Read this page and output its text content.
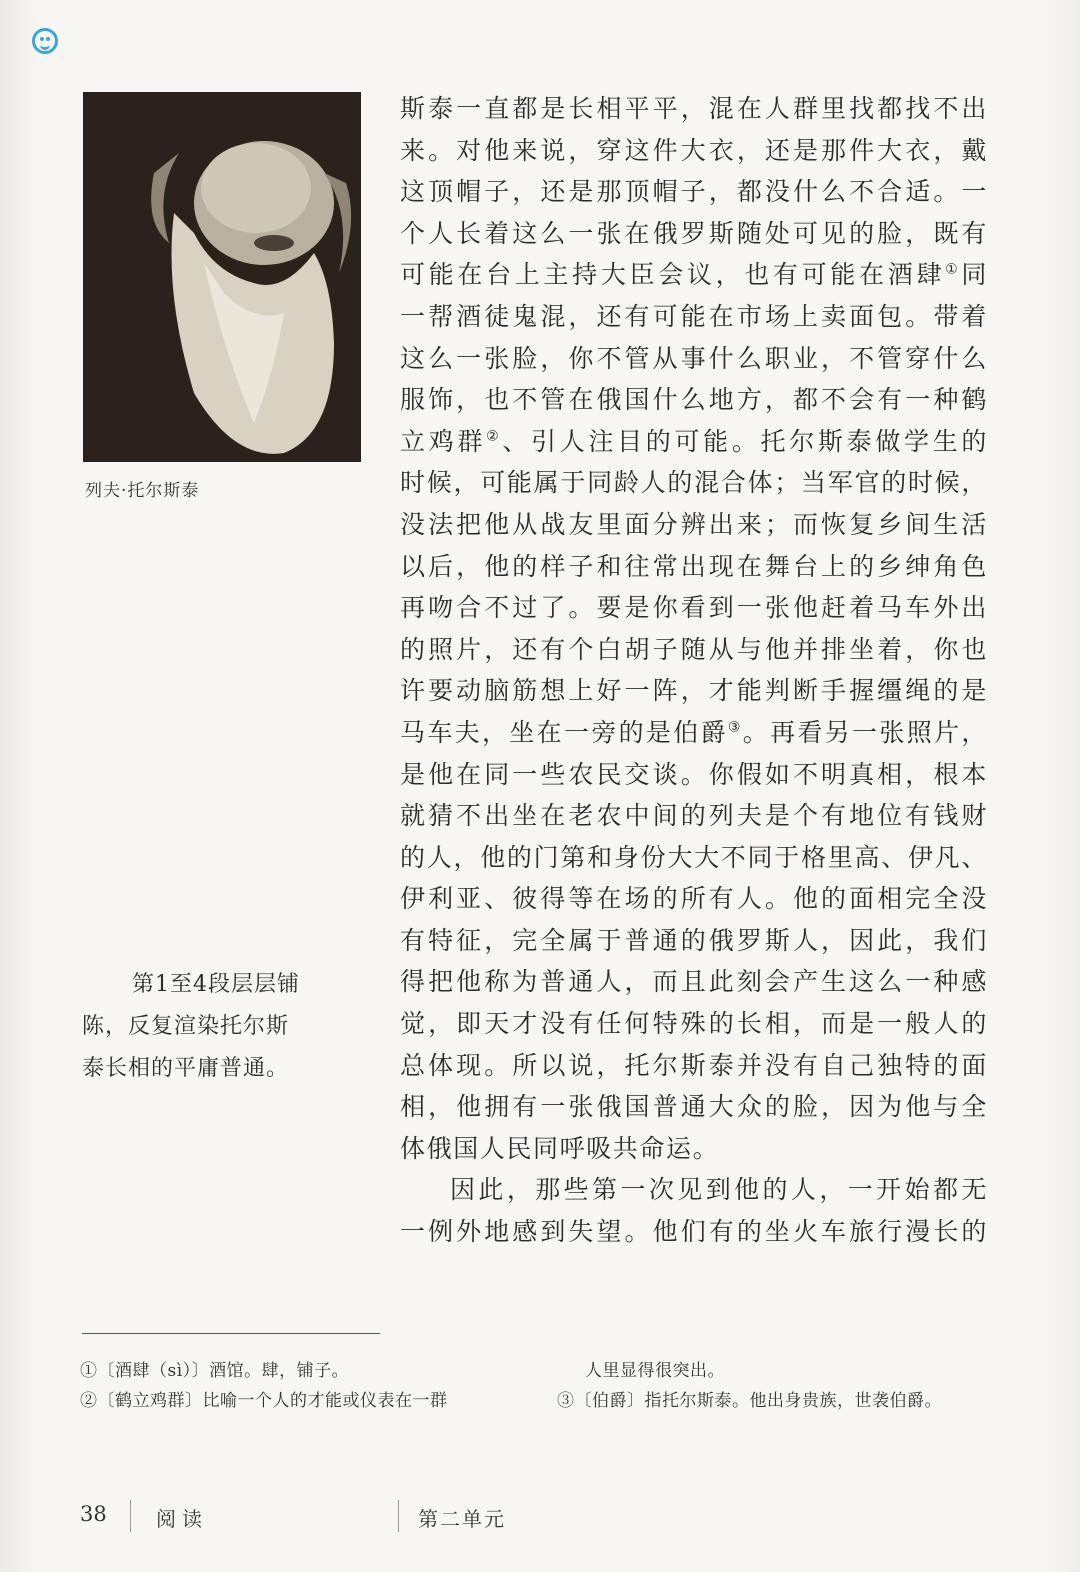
列夫·托尔斯泰

斯泰一直都是长相平平，混在人群里找都找不出

来。对他来说，穿这件大衣，还是那件大衣，戴

这顶帽子，还是那顶帽子，都没什么不合适。一

个人长着这么一张在俄罗斯随处可见的脸，既有

可能在台上主持大臣会议，也有可能在酒肆①同

一帮酒徒鬼混，还有可能在市场上卖面包。带着

这么一张脸，你不管从事什么职业，不管穿什么

服饰，也不管在俄国什么地方，都不会有一种鹤

立鸡群②、引人注目的可能。托尔斯泰做学生的

时候，可能属于同龄人的混合体；当军官的时候，

没法把他从战友里面分辨出来；而恢复乡间生活

以后，他的样子和往常出现在舞台上的乡绅角色

再吻合不过了。要是你看到一张他赶着马车外出

的照片，还有个白胡子随从与他并排坐着，你也

许要动脑筋想上好一阵，才能判断手握缰绳的是

马车夫，坐在一旁的是伯爵③。再看另一张照片，

是他在同一些农民交谈。你假如不明真相，根本

就猜不出坐在老农中间的列夫是个有地位有钱财

的人，他的门第和身份大大不同于格里高、伊凡、

伊利亚、彼得等在场的所有人。他的面相完全没

有特征，完全属于普通的俄罗斯人，因此，我们

得把他称为普通人，而且此刻会产生这么一种感

觉，即天才没有任何特殊的长相，而是一般人的

总体现。所以说，托尔斯泰并没有自己独特的面

相，他拥有一张俄国普通大众的脸，因为他与全

体俄国人民同呼吸共命运。

因此，那些第一次见到他的人，一开始都无

一例外地感到失望。他们有的坐火车旅行漫长的

第1至4段层层铺
陈，反复渲染托尔斯
泰长相的平庸普通。
①〔酒肆（sì）〕酒馆。肆，铺子。
②〔鹤立鸡群〕比喻一个人的才能或仪表在一群
人里显得很突出。
③〔伯爵〕指托尔斯泰。他出身贵族，世袭伯爵。
38 阅读	第二单元
